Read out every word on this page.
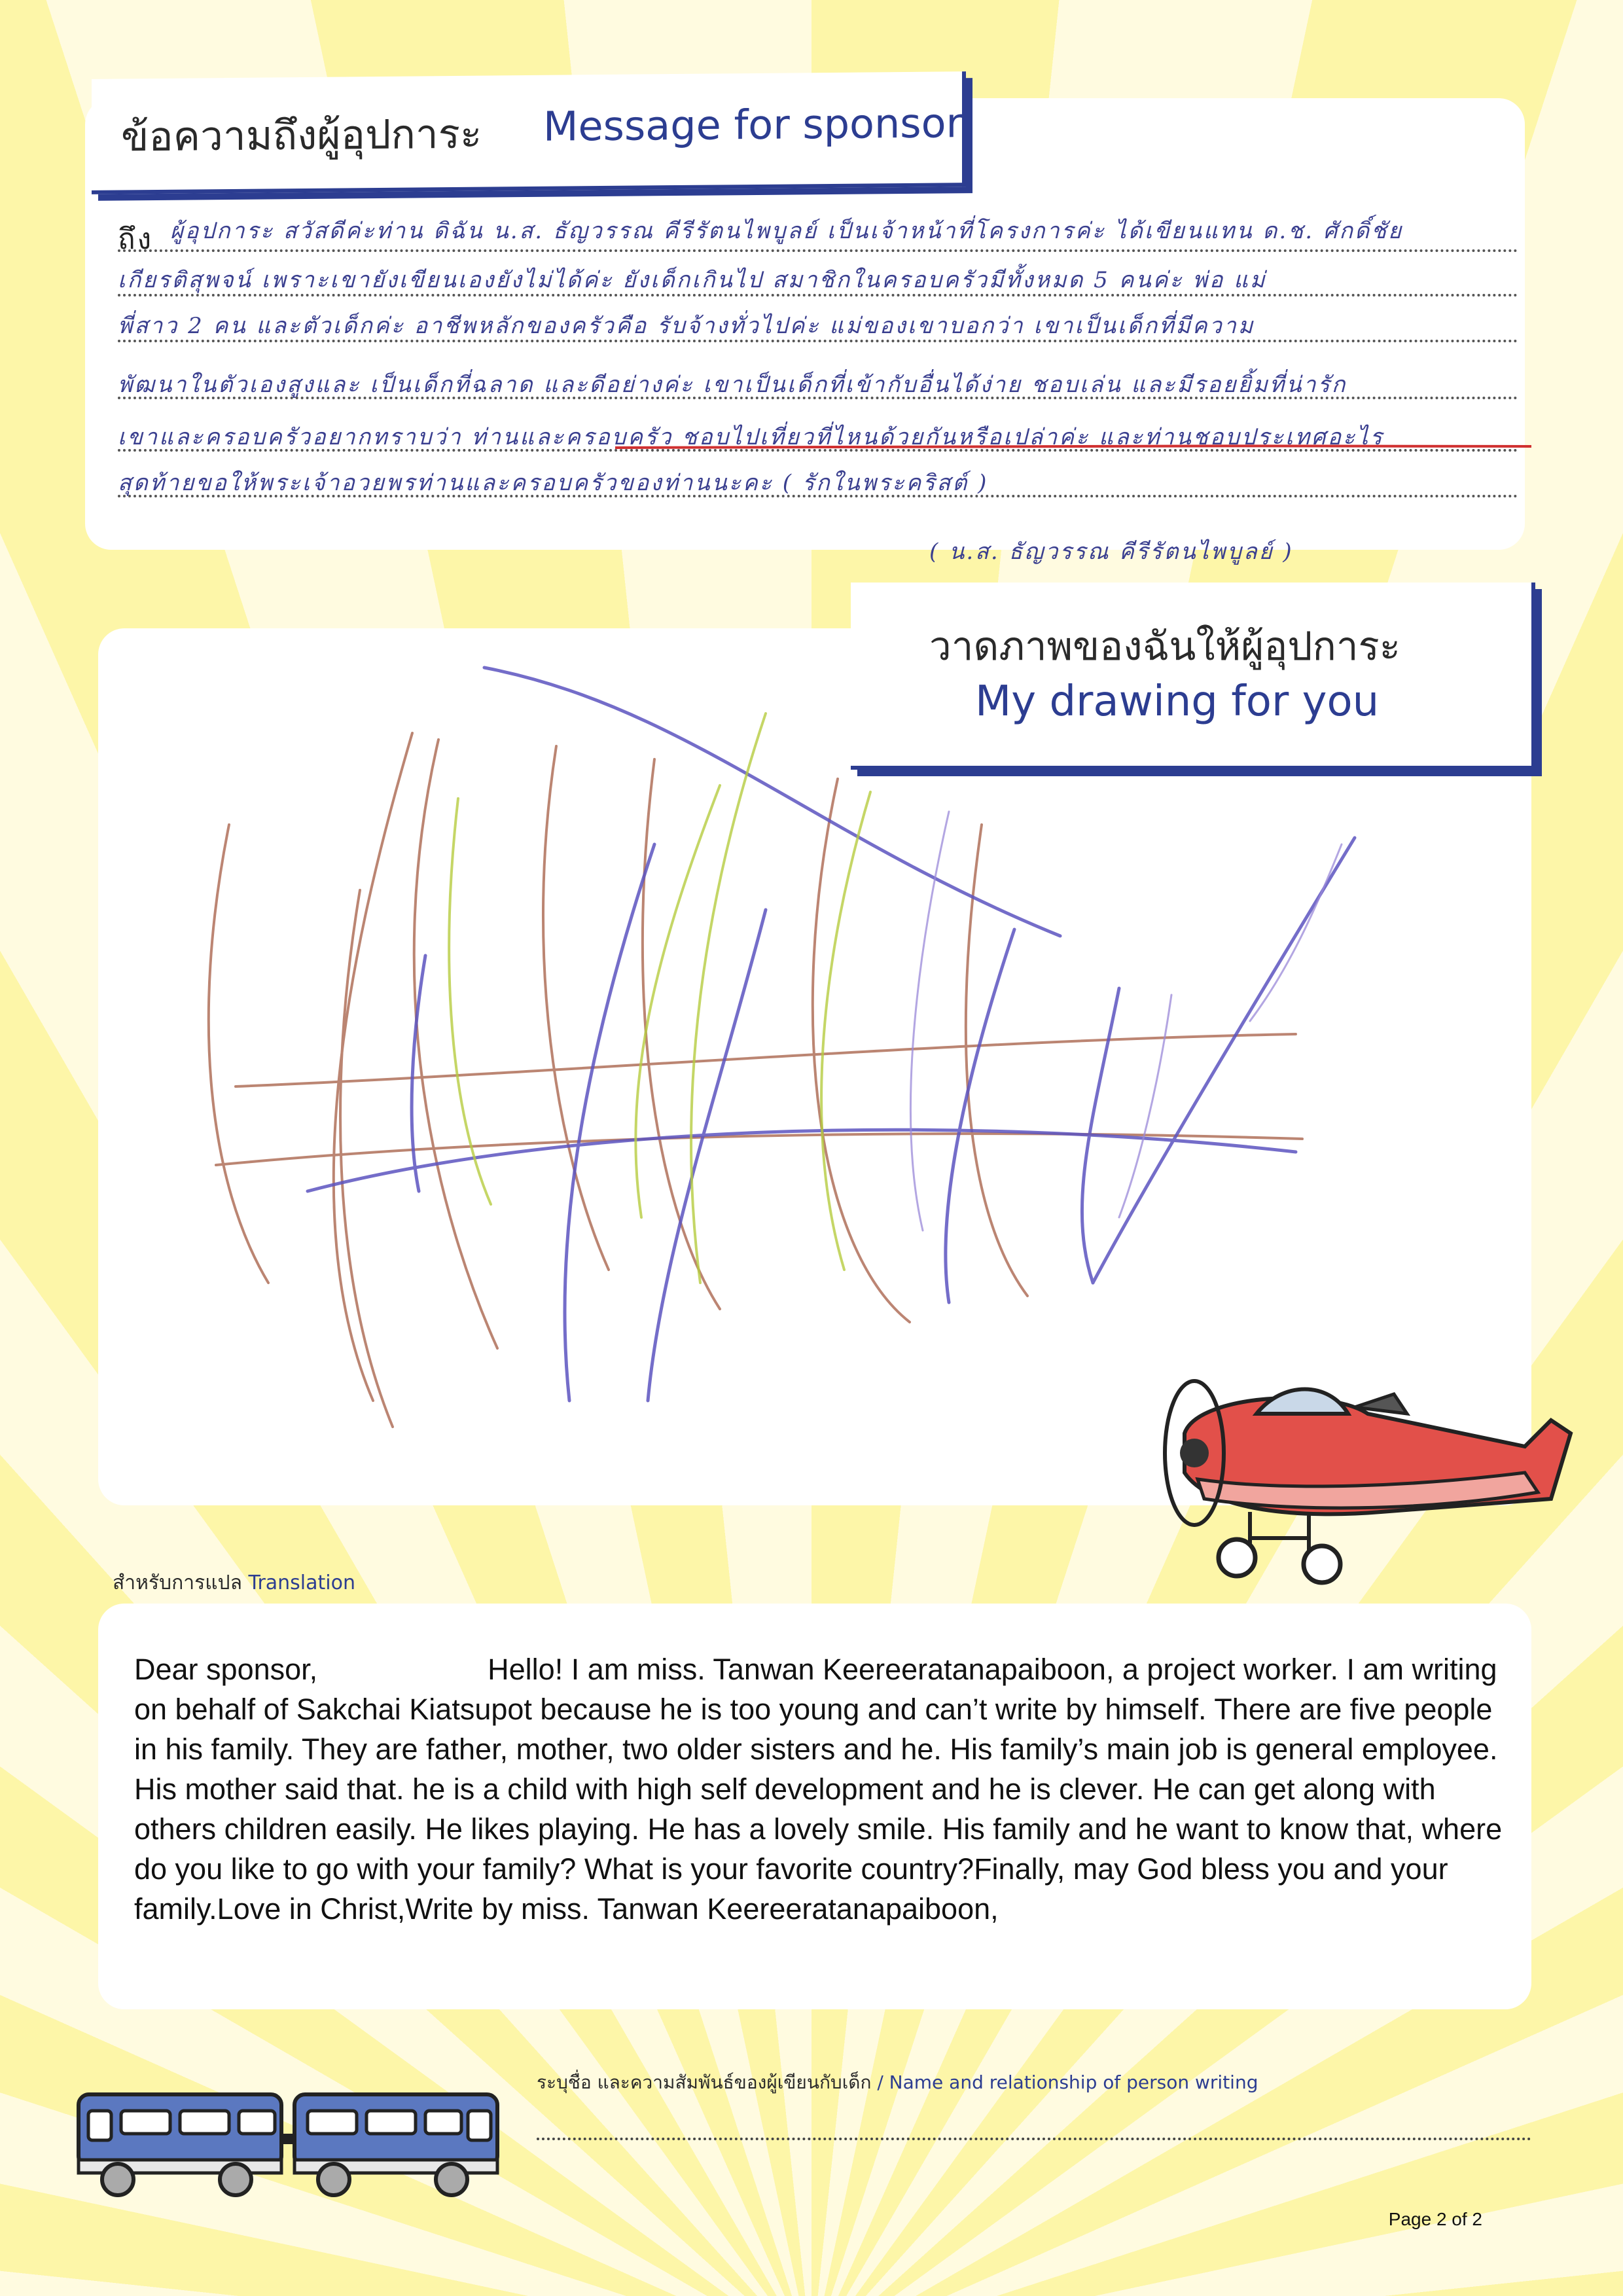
ข้อความถึงผู้อุปการะ Message for sponsor
ถึง ผู้อุปการะ สวัสดีค่ะท่าน ดิฉัน น.ส. ธัญวรรณ คีรีรัตนไพบูลย์ เป็นเจ้าหน้าที่โครงการค่ะ ได้เขียนแทน ด.ช. ศักดิ์ชัย
เกียรติสุพจน์ เพราะเขายังเขียนเองยังไม่ได้ค่ะ ยังเด็กเกินไป สมาชิกในครอบครัวมีทั้งหมด 5 คนค่ะ พ่อ แม่
พี่สาว 2 คน และตัวเด็กค่ะ อาชีพหลักของครัวคือ รับจ้างทั่วไปค่ะ แม่ของเขาบอกว่า เขาเป็นเด็กที่มีความ
พัฒนาในตัวเองสูงและ เป็นเด็กที่ฉลาด และดีอย่างค่ะ เขาเป็นเด็กที่เข้ากับอื่นได้ง่าย ชอบเล่น และมีรอยยิ้มที่น่ารัก
เขาและครอบครัวอยากทราบว่า ท่านและครอบครัว ชอบไปเที่ยวที่ไหนด้วยกันหรือเปล่าค่ะ และท่านชอบประเทศอะไร
สุดท้ายขอให้พระเจ้าอวยพรท่านและครอบครัวของท่านนะคะ ( รักในพระคริสต์ )
( น.ส. ธัญวรรณ คีรีรัตนไพบูลย์ )
วาดภาพของฉันให้ผู้อุปการะ
My drawing for you
สำหรับการแปล Translation
Dear sponsor,	Hello! I am miss. Tanwan Keereeratanapaiboon, a project worker. I am writing on behalf of Sakchai Kiatsupot because he is too young and can’t write by himself. There are five people in his family. They are father, mother, two older sisters and he. His family’s main job is general employee. His mother said that. he is a child with high self development and he is clever. He can get along with others children easily. He likes playing. He has a lovely smile. His family and he want to know that, where do you like to go with your family? What is your favorite country?Finally, may God bless you and your family.Love in Christ,Write by miss. Tanwan Keereeratanapaiboon,
ระบุชื่อ และความสัมพันธ์ของผู้เขียนกับเด็ก / Name and relationship of person writing
Page 2 of 2
